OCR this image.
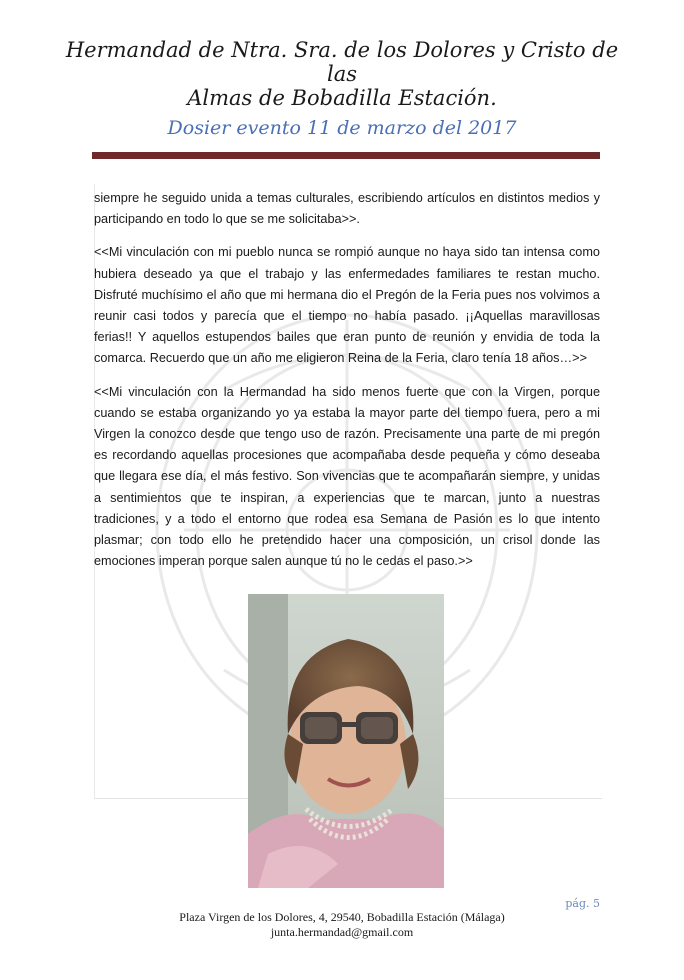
Hermandad de Ntra. Sra. de los Dolores y Cristo de las

Almas de Bobadilla Estación.

Dosier evento 11 de marzo del 2017

siempre he seguido unida a temas culturales, escribiendo artículos en distintos medios y participando en todo lo que se me solicitaba>>.

<<Mi vinculación con mi pueblo nunca se rompió aunque no haya sido tan intensa como hubiera deseado ya que el trabajo y las enfermedades familiares te restan mucho. Disfruté muchísimo el año que mi hermana dio el Pregón de la Feria pues nos volvimos a reunir casi todos y parecía que el tiempo no había pasado. ¡¡Aquellas maravillosas ferias!! Y aquellos estupendos bailes que eran punto de reunión y envidia de toda la comarca. Recuerdo que un año me eligieron Reina de la Feria, claro tenía 18 años…>>

<<Mi vinculación con la Hermandad ha sido menos fuerte que con la Virgen, porque cuando se estaba organizando yo ya estaba la mayor parte del tiempo fuera, pero a mi Virgen la conozco desde que tengo uso de razón. Precisamente una parte de mi pregón es recordando aquellas procesiones que acompañaba desde pequeña y cómo deseaba que llegara ese día, el más festivo. Son vivencias que te acompañarán siempre, y unidas a sentimientos que te inspiran, a experiencias que te marcan, junto a nuestras tradiciones, y a todo el entorno que rodea esa Semana de Pasión es lo que intento plasmar; con todo ello he pretendido hacer una composición, un crisol donde las emociones imperan porque salen aunque tú no le cedas el paso.>>

pág. 5
Plaza Virgen de los Dolores, 4, 29540, Bobadilla Estación (Málaga)
junta.hermandad@gmail.com
